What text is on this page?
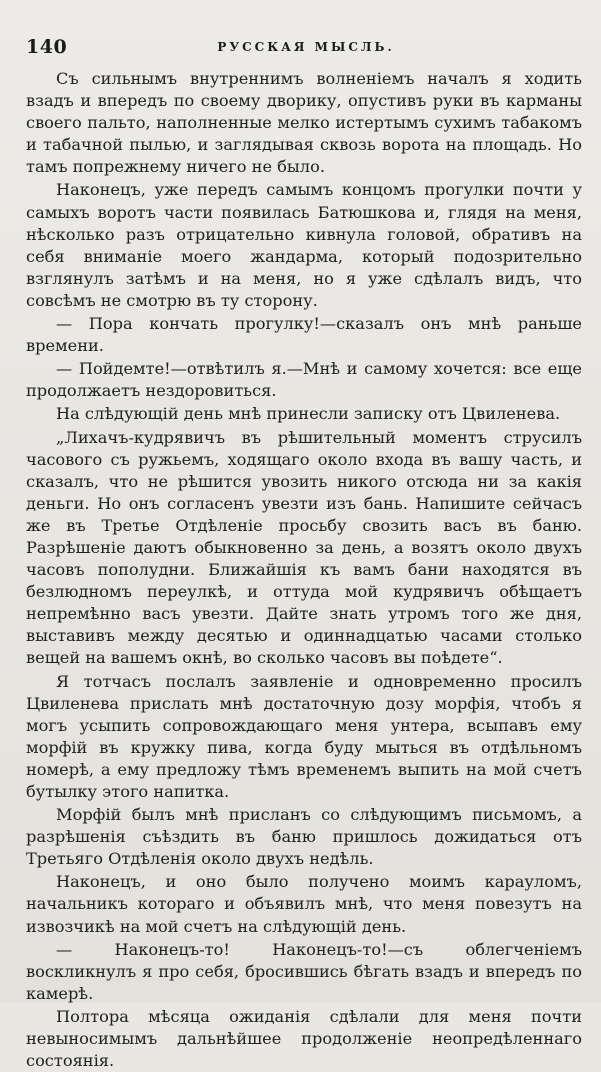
140	РУССКАЯ МЫСЛЬ.

Съ сильнымъ внутреннимъ волненіемъ началъ я ходить взадъ и впередъ по своему дворику, опустивъ руки въ карманы своего пальто, наполненные мелко истертымъ сухимъ табакомъ и табачной пылью, и заглядывая сквозь ворота на площадь. Но тамъ попрежнему ничего не было.

Наконецъ, уже передъ самымъ концомъ прогулки почти у самыхъ воротъ части появилась Батюшкова и, глядя на меня, нѣсколько разъ отрицательно кивнула головой, обративъ на себя вниманіе моего жандарма, который подозрительно взглянулъ затѣмъ и на меня, но я уже сдѣлалъ видъ, что совсѣмъ не смотрю въ ту сторону.

— Пора кончать прогулку!—сказалъ онъ мнѣ раньше времени.

— Пойдемте!—отвѣтилъ я.—Мнѣ и самому хочется: все еще продолжаетъ нездоровиться.

На слѣдующій день мнѣ принесли записку отъ Цвиленева.

„Лихачъ-кудрявичъ въ рѣшительный моментъ струсилъ часового съ ружьемъ, ходящаго около входа въ вашу часть, и сказалъ, что не рѣшится увозить никого отсюда ни за какія деньги. Но онъ согласенъ увезти изъ бань. Напишите сейчасъ же въ Третье Отдѣленіе просьбу свозить васъ въ баню. Разрѣшеніе даютъ обыкновенно за день, а возятъ около двухъ часовъ пополудни. Ближайшія къ вамъ бани находятся въ безлюдномъ переулкѣ, и оттуда мой кудрявичъ обѣщаетъ непремѣнно васъ увезти. Дайте знать утромъ того же дня, выставивъ между десятью и одиннадцатью часами столько вещей на вашемъ окнѣ, во сколько часовъ вы поѣдете“.

Я тотчасъ послалъ заявленіе и одновременно просилъ Цвиленева прислать мнѣ достаточную дозу морфія, чтобъ я могъ усыпить сопровождающаго меня унтера, всыпавъ ему морфій въ кружку пива, когда буду мыться въ отдѣльномъ номерѣ, а ему предложу тѣмъ временемъ выпить на мой счетъ бутылку этого напитка.

Морфій былъ мнѣ присланъ со слѣдующимъ письмомъ, а разрѣшенія съѣздить въ баню пришлось дожидаться отъ Третьяго Отдѣленія около двухъ недѣль.

Наконецъ, и оно было получено моимъ карауломъ, начальникъ котораго и объявилъ мнѣ, что меня повезутъ на извозчикѣ на мой счетъ на слѣдующій день.

— Наконецъ-то! Наконецъ-то!—съ облегченіемъ воскликнулъ я про себя, бросившись бѣгать взадъ и впередъ по камерѣ.

Полтора мѣсяца ожиданія сдѣлали для меня почти невыносимымъ дальнѣйшее продолженіе неопредѣленнаго состоянія.
